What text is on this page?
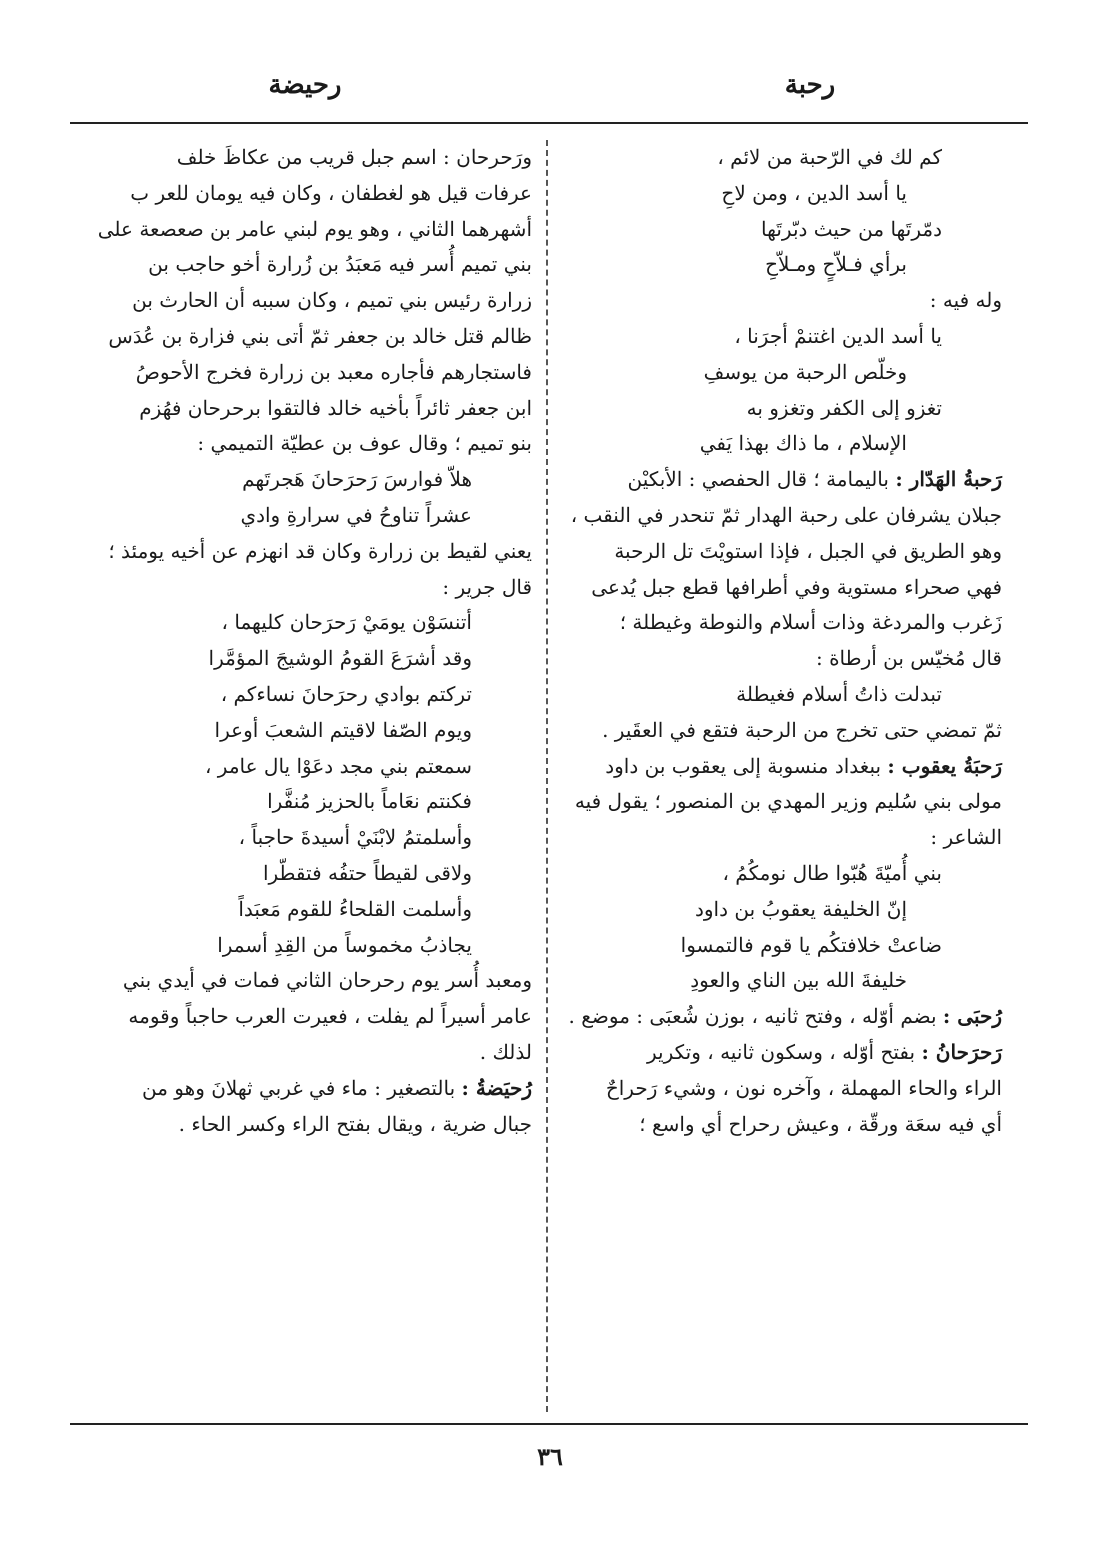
رحبة
رحيضة
كم لك في الرّحبة من لائم ،
يا أسد الدين ، ومن لاحِ
دمّرتَها من حيث دبّرتَها
برأي فـلاّحٍ ومـلاّحِ
وله فيه :
يا أسد الدين اغتنمْ أجرَنا ،
وخلّص الرحبة من يوسفِ
تغزو إلى الكفر وتغزو به
الإسلام ، ما ذاك بهذا يَفي
رَحبةُ الهَدّار : باليمامة ؛ قال الحفصي : الأبكيْن
جبلان يشرفان على رحبة الهدار ثمّ تنحدر في النقب ،
وهو الطريق في الجبل ، فإذا استويْتَ تل الرحبة
فهي صحراء مستوية وفي أطرافها قطع جبل يُدعى
زَغرب والمردغة وذات أسلام والنوطة وغيطلة ؛
قال مُخيّس بن أرطاة :
تبدلت ذاتُ أسلام فغيطلة
ثمّ تمضي حتى تخرج من الرحبة فتقع في العقَير .
رَحبَةُ يعقوب : ببغداد منسوبة إلى يعقوب بن داود
مولى بني سُليم وزير المهدي بن المنصور ؛ يقول فيه
الشاعر :
بني أُميّةَ هُبّوا طال نومكُمُ ،
إنّ الخليفة يعقوبُ بن داود
ضاعتْ خلافتكُم يا قوم فالتمسوا
خليفةَ الله بين الناي والعودِ
رُحبَى : بضم أوّله ، وفتح ثانيه ، بوزن شُعبَى : موضع .
رَحرَحانُ : بفتح أوّله ، وسكون ثانيه ، وتكرير
الراء والحاء المهملة ، وآخره نون ، وشيء رَحراحٌ
أي فيه سعَة ورقّة ، وعيش رحراح أي واسع ؛
ورَحرحان : اسم جبل قريب من عكاظَ خلف
عرفات قيل هو لغطفان ، وكان فيه يومان للعر ب
أشهرهما الثاني ، وهو يوم لبني عامر بن صعصعة على
بني تميم أُسر فيه مَعبَدُ بن زُرارة أخو حاجب بن
زرارة رئيس بني تميم ، وكان سببه أن الحارث بن
ظالم قتل خالد بن جعفر ثمّ أتى بني فزارة بن عُدَس
فاستجارهم فأجاره معبد بن زرارة فخرج الأحوصُ
ابن جعفر ثائراً بأخيه خالد فالتقوا برحرحان فهُزم
بنو تميم ؛ وقال عوف بن عطيّة التميمي :
هلاّ فوارسَ رَحرَحانَ هَجرتَهم
عشراً تناوحُ في سرارةِ وادي
يعني لقيط بن زرارة وكان قد انهزم عن أخيه يومئذ ؛
قال جرير :
أتنسَوْن يومَيْ رَحرَحان كليهما ،
وقد أشرَعَ القومُ الوشيجَ المؤمَّرا
تركتم بوادي رحرَحانَ نساءكم ،
ويوم الصّفا لاقيتم الشعبَ أوعرا
سمعتم بني مجد دعَوْا يال عامر ،
فكنتم نعَاماً بالحزيز مُنفَّرا
وأسلمتمُ لابْنَيْ أسيدةَ حاجباً ،
ولاقى لقيطاً حتفُه فتقطّرا
وأسلمت القلحاءُ للقوم مَعبَداً
يجاذبُ مخموساً من القِدِ أسمرا
ومعبد أُسر يوم رحرحان الثاني فمات في أيدي بني
عامر أسيراً لم يفلت ، فعيرت العرب حاجباً وقومه
لذلك .
رُحيَضةُ : بالتصغير : ماء في غربي ثهلانَ وهو من
جبال ضرية ، ويقال بفتح الراء وكسر الحاء .
٣٦
